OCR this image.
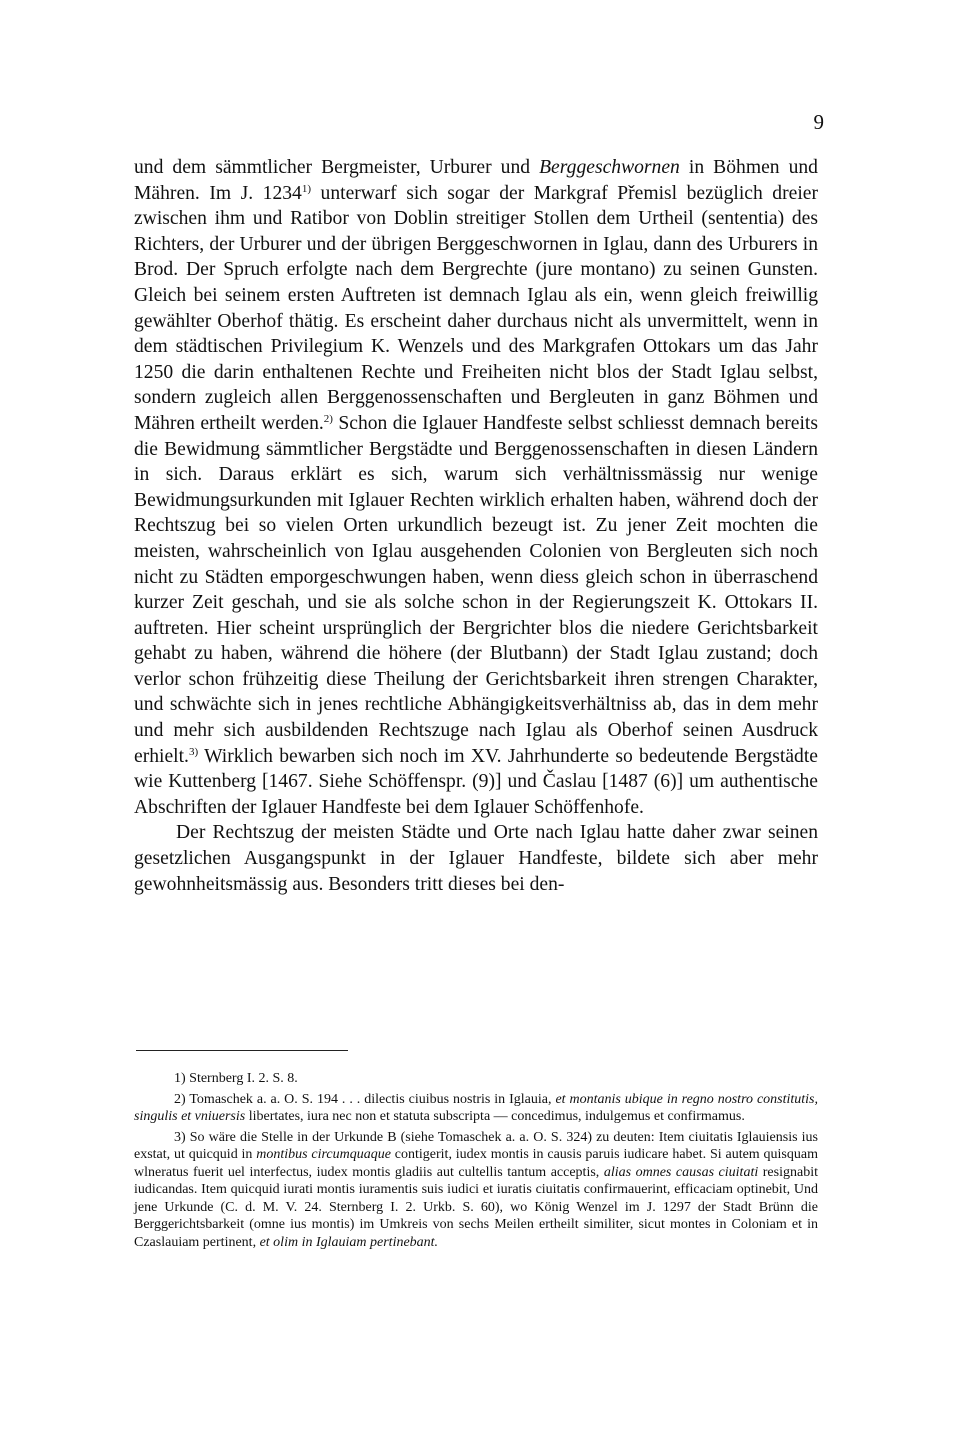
9

und dem sämmtlicher Bergmeister, Urburer und Berggeschwornen in Böhmen und Mähren. Im J. 1234$^{1)}$ unterwarf sich sogar der Markgraf Přemisl bezüglich dreier zwischen ihm und Ratibor von Doblin streitiger Stollen dem Urtheil (sententia) des Richters, der Urburer und der übrigen Berggeschwornen in Iglau, dann des Urburers in Brod. Der Spruch erfolgte nach dem Bergrechte (jure montano) zu seinen Gunsten. Gleich bei seinem ersten Auftreten ist demnach Iglau als ein, wenn gleich freiwillig gewählter Oberhof thätig. Es erscheint daher durchaus nicht als unvermittelt, wenn in dem städtischen Privilegium K. Wenzels und des Markgrafen Ottokars um das Jahr 1250 die darin enthaltenen Rechte und Freiheiten nicht blos der Stadt Iglau selbst, sondern zugleich allen Berggenossenschaften und Bergleuten in ganz Böhmen und Mähren ertheilt werden.$^{2)}$ Schon die Iglauer Handfeste selbst schliesst demnach bereits die Bewidmung sämmtlicher Bergstädte und Berggenossenschaften in diesen Ländern in sich. Daraus erklärt es sich, warum sich verhältnissmässig nur wenige Bewidmungsurkunden mit Iglauer Rechten wirklich erhalten haben, während doch der Rechtszug bei so vielen Orten urkundlich bezeugt ist. Zu jener Zeit mochten die meisten, wahrscheinlich von Iglau ausgehenden Colonien von Bergleuten sich noch nicht zu Städten emporgeschwungen haben, wenn diess gleich schon in überraschend kurzer Zeit geschah, und sie als solche schon in der Regierungszeit K. Ottokars II. auftreten. Hier scheint ursprünglich der Bergrichter blos die niedere Gerichtsbarkeit gehabt zu haben, während die höhere (der Blutbann) der Stadt Iglau zustand; doch verlor schon frühzeitig diese Theilung der Gerichtsbarkeit ihren strengen Charakter, und schwächte sich in jenes rechtliche Abhängigkeitsverhältniss ab, das in dem mehr und mehr sich ausbildenden Rechtszuge nach Iglau als Oberhof seinen Ausdruck erhielt.$^{3)}$ Wirklich bewarben sich noch im XV. Jahrhunderte so bedeutende Bergstädte wie Kuttenberg [1467. Siehe Schöffenspr. (9)] und Časlau [1487 (6)] um authentische Abschriften der Iglauer Handfeste bei dem Iglauer Schöffenhofe.

Der Rechtszug der meisten Städte und Orte nach Iglau hatte daher zwar seinen gesetzlichen Ausgangspunkt in der Iglauer Handfeste, bildete sich aber mehr gewohnheitsmässig aus. Besonders tritt dieses bei den-

1) Sternberg I. 2. S. 8.

2) Tomaschek a. a. O. S. 194 . . . dilectis ciuibus nostris in Iglauia, et montanis ubique in regno nostro constitutis, singulis et vniuersis libertates, iura nec non et statuta subscripta — concedimus, indulgemus et confirmamus.

3) So wäre die Stelle in der Urkunde B (siehe Tomaschek a. a. O. S. 324) zu deuten: Item ciuitatis Iglauiensis ius exstat, ut quicquid in montibus circumquaque contigerit, iudex montis in causis paruis iudicare habet. Si autem quisquam wlneratus fuerit uel interfectus, iudex montis gladiis aut cultellis tantum acceptis, alias omnes causas ciuitati resignabit iudicandas. Item quicquid iurati montis iuramentis suis iudici et iuratis ciuitatis confirmauerint, efficaciam optinebit, Und jene Urkunde (C. d. M. V. 24. Sternberg I. 2. Urkb. S. 60), wo König Wenzel im J. 1297 der Stadt Brünn die Berggerichtsbarkeit (omne ius montis) im Umkreis von sechs Meilen ertheilt similiter, sicut montes in Coloniam et in Czaslauiam pertinent, et olim in Iglauiam pertinebant.
